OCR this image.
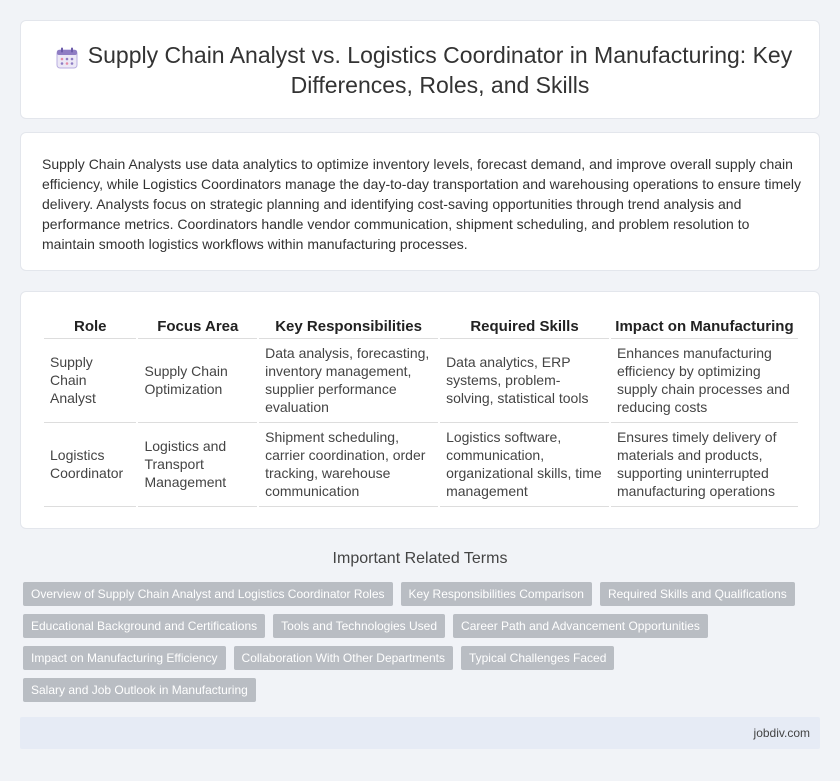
Supply Chain Analyst vs. Logistics Coordinator in Manufacturing: Key Differences, Roles, and Skills

Supply Chain Analysts use data analytics to optimize inventory levels, forecast demand, and improve overall supply chain efficiency, while Logistics Coordinators manage the day-to-day transportation and warehousing operations to ensure timely delivery. Analysts focus on strategic planning and identifying cost-saving opportunities through trend analysis and performance metrics. Coordinators handle vendor communication, shipment scheduling, and problem resolution to maintain smooth logistics workflows within manufacturing processes.

Role	Focus Area	Key Responsibilities	Required Skills	Impact on Manufacturing
Supply Chain Analyst	Supply Chain Optimization	Data analysis, forecasting, inventory management, supplier performance evaluation	Data analytics, ERP systems, problem-solving, statistical tools	Enhances manufacturing efficiency by optimizing supply chain processes and reducing costs
Logistics Coordinator	Logistics and Transport Management	Shipment scheduling, carrier coordination, order tracking, warehouse communication	Logistics software, communication, organizational skills, time management	Ensures timely delivery of materials and products, supporting uninterrupted manufacturing operations
Important Related Terms
Overview of Supply Chain Analyst and Logistics Coordinator Roles	Key Responsibilities Comparison	Required Skills and Qualifications
Educational Background and Certifications	Tools and Technologies Used	Career Path and Advancement Opportunities
Impact on Manufacturing Efficiency	Collaboration With Other Departments	Typical Challenges Faced
Salary and Job Outlook in Manufacturing
jobdiv.com
